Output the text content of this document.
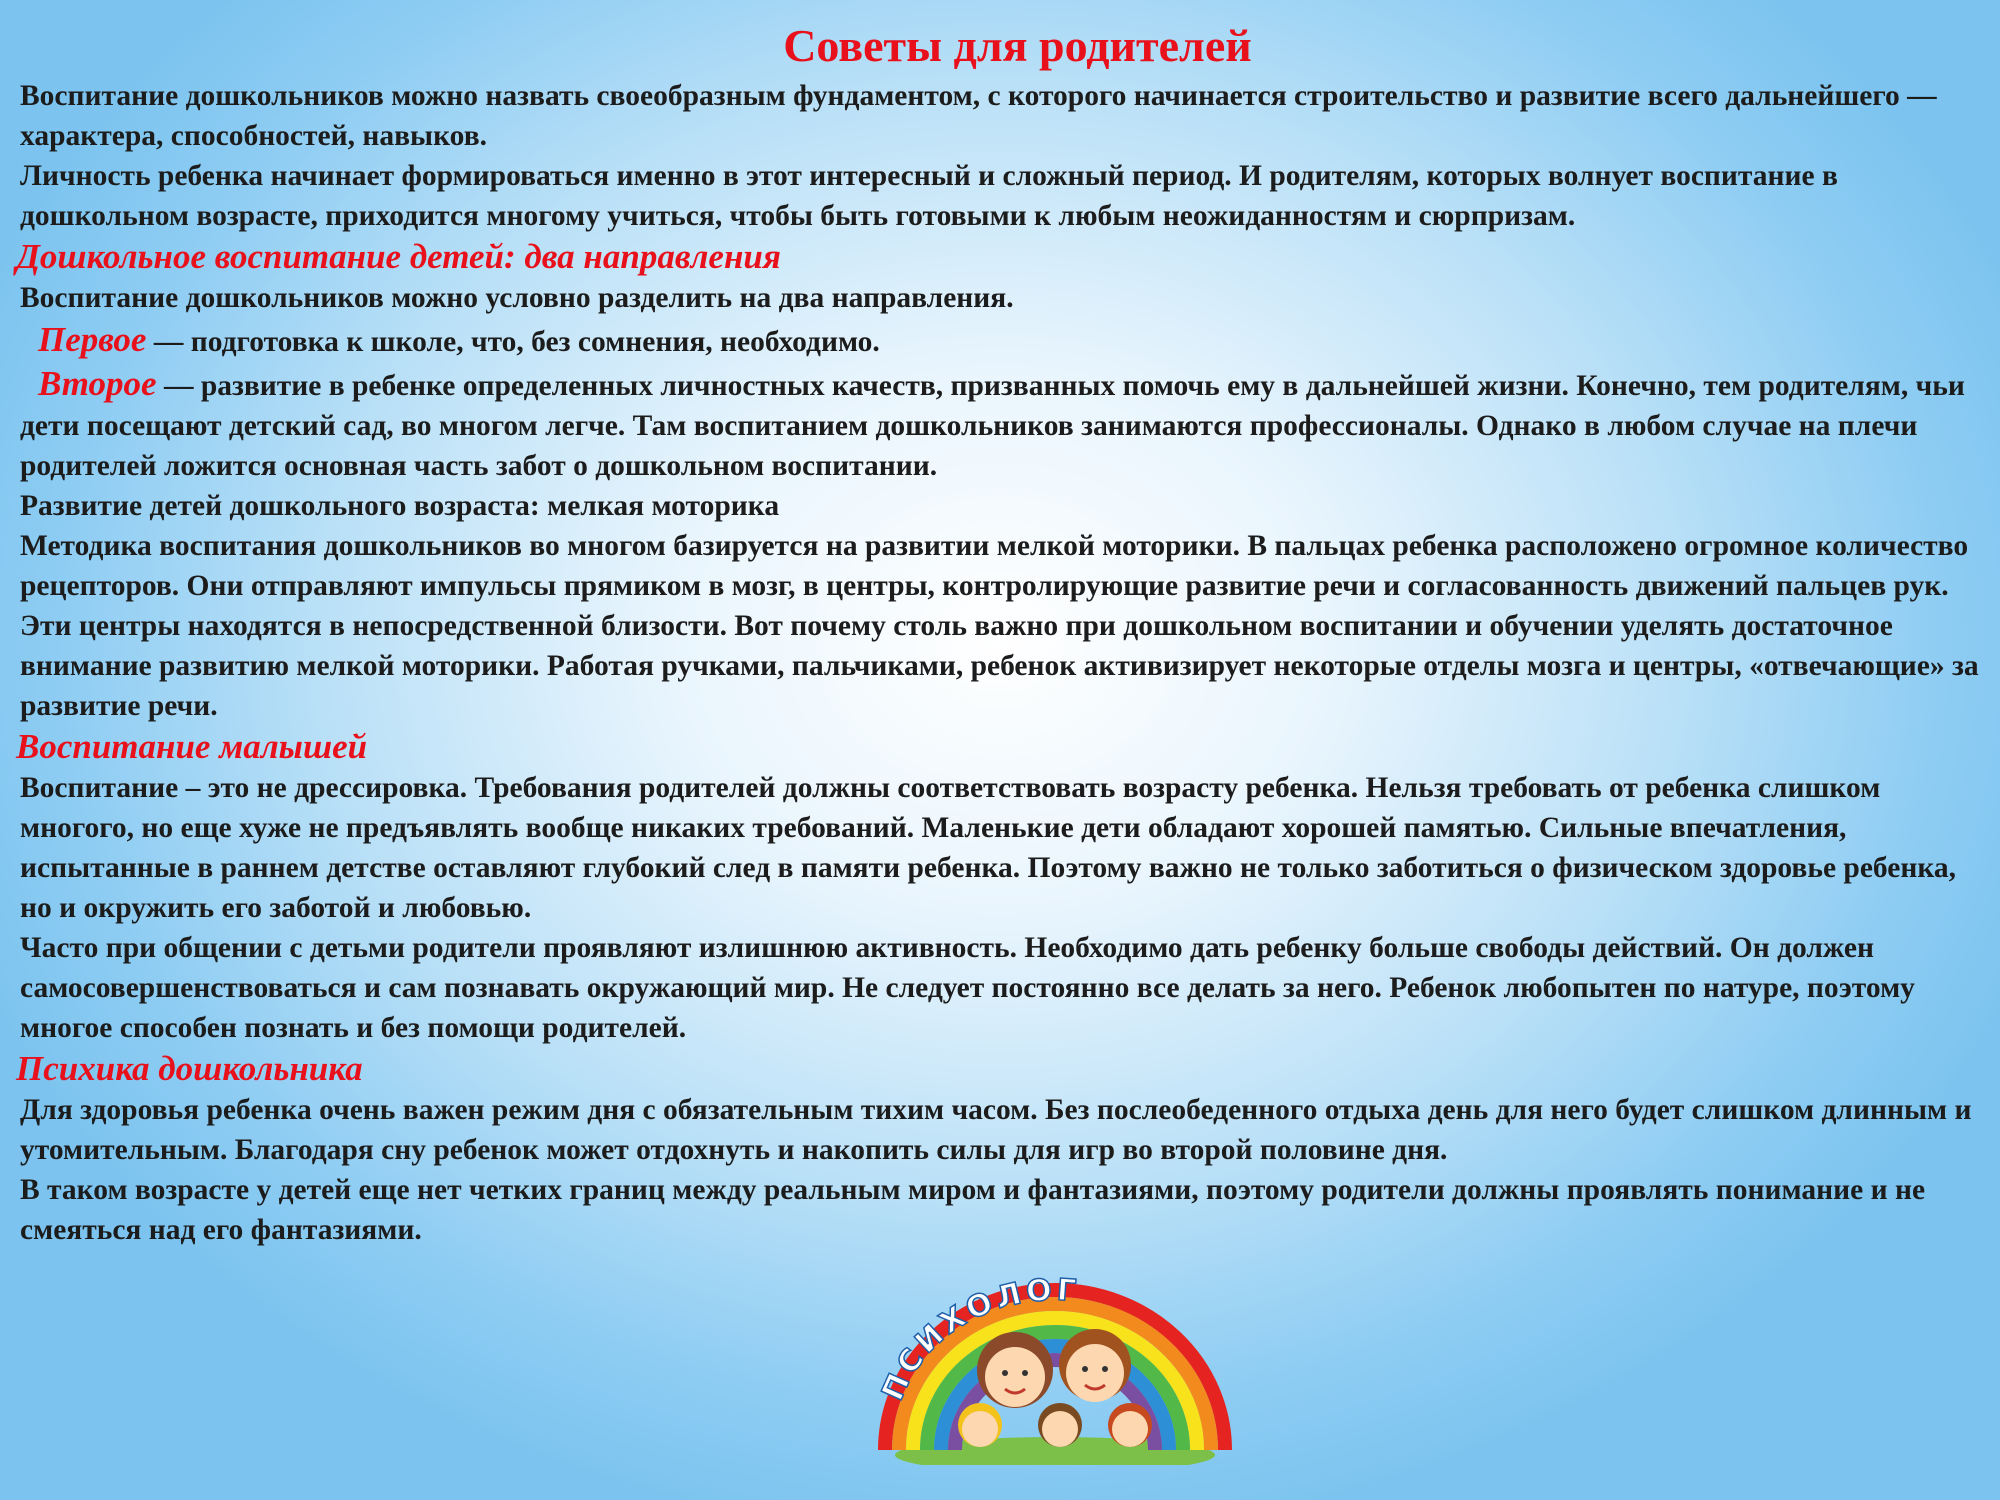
Советы для родителей

Воспитание дошкольников можно назвать своеобразным фундаментом, с которого начинается строительство и развитие всего дальнейшего — характера, способностей, навыков.

Личность ребенка начинает формироваться именно в этот интересный и сложный период. И родителям, которых волнует воспитание в дошкольном возрасте, приходится многому учиться, чтобы быть готовыми к любым неожиданностям и сюрпризам.

Дошкольное воспитание детей: два направления

Воспитание дошкольников можно условно разделить на два направления.

Первое — подготовка к школе, что, без сомнения, необходимо.

Второе — развитие в ребенке определенных личностных качеств, призванных помочь ему в дальнейшей жизни. Конечно, тем родителям, чьи дети посещают детский сад, во многом легче. Там воспитанием дошкольников занимаются профессионалы. Однако в любом случае на плечи родителей ложится основная часть забот о дошкольном воспитании.

Развитие детей дошкольного возраста: мелкая моторика

Методика воспитания дошкольников во многом базируется на развитии мелкой моторики. В пальцах ребенка расположено огромное количество рецепторов. Они отправляют импульсы прямиком в мозг, в центры, контролирующие развитие речи и согласованность движений пальцев рук. Эти центры находятся в непосредственной близости. Вот почему столь важно при дошкольном воспитании и обучении уделять достаточное внимание развитию мелкой моторики. Работая ручками, пальчиками, ребенок активизирует некоторые отделы мозга и центры, «отвечающие» за развитие речи.

Воспитание малышей

Воспитание – это не дрессировка. Требования родителей должны соответствовать возрасту ребенка. Нельзя требовать от ребенка слишком многого, но еще хуже не предъявлять вообще никаких требований. Маленькие дети обладают хорошей памятью. Сильные впечатления, испытанные в раннем детстве оставляют глубокий след в памяти ребенка. Поэтому важно не только заботиться о физическом здоровье ребенка, но и окружить его заботой и любовью.

Часто при общении с детьми родители проявляют излишнюю активность. Необходимо дать ребенку больше свободы действий. Он должен самосовершенствоваться и сам познавать окружающий мир. Не следует постоянно все делать за него. Ребенок любопытен по натуре, поэтому многое способен познать и без помощи родителей.

Психика дошкольника

Для здоровья ребенка очень важен режим дня с обязательным тихим часом. Без послеобеденного отдыха день для него будет слишком длинным и утомительным. Благодаря сну ребенок может отдохнуть и накопить силы для игр во второй половине дня.

В таком возрасте у детей еще нет четких границ между реальным миром и фантазиями, поэтому родители должны проявлять понимание и не смеяться над его фантазиями.

ПСИХОЛОГ
